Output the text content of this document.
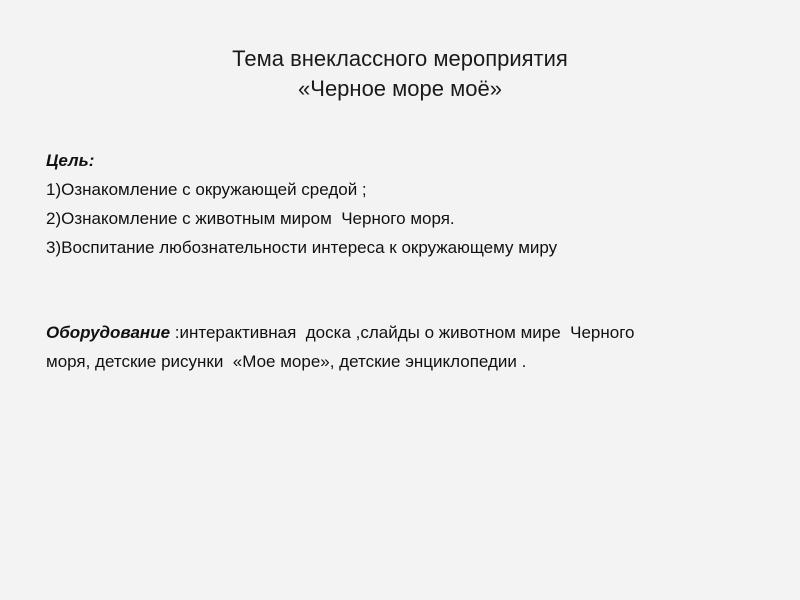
Тема внеклассного мероприятия
«Черное море моё»
Цель:
1)Ознакомление с окружающей средой ;
2)Ознакомление с животным миром  Черного моря.
3)Воспитание любознательности интереса к окружающему миру
Оборудование :интерактивная  доска ,слайды о животном мире  Черного
моря, детские рисунки  «Мое море», детские энциклопедии .
